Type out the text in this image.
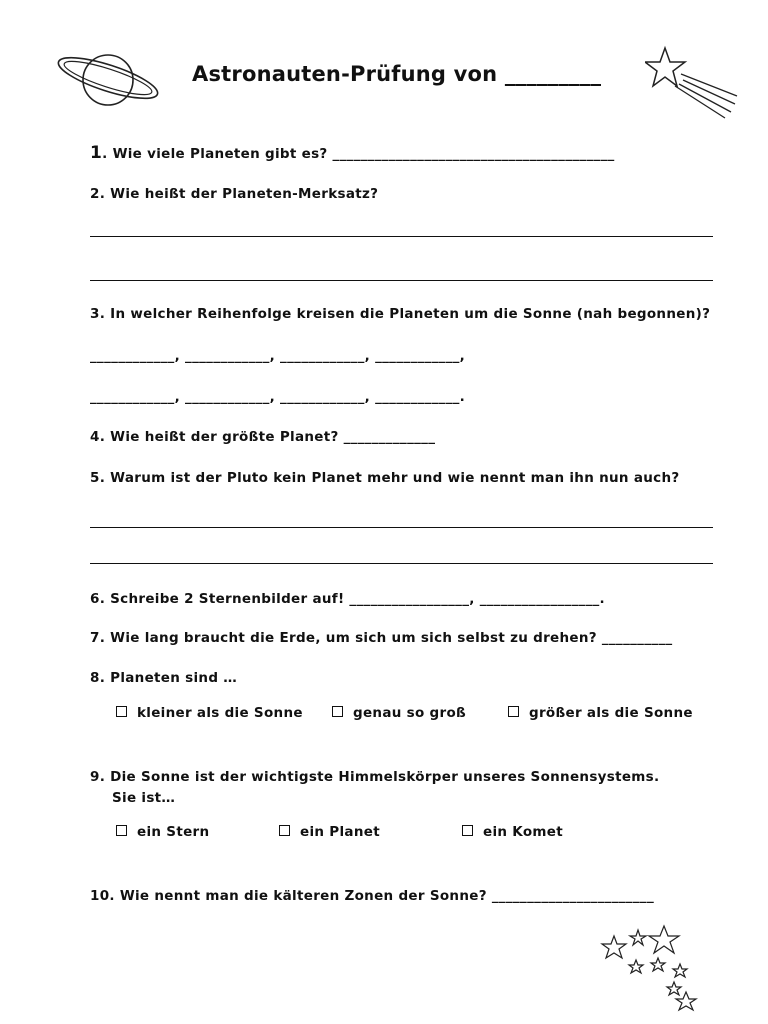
Astronauten-Prüfung von _________
1. Wie viele Planeten gibt es? ________________________________________
2. Wie heißt der Planeten-Merksatz?
3. In welcher Reihenfolge kreisen die Planeten um die Sonne (nah begonnen)?
____________, ____________, ____________, ____________,
____________, ____________, ____________, ____________.
4. Wie heißt der größte Planet? _____________
5. Warum ist der Pluto kein Planet mehr und wie nennt man ihn nun auch?
6. Schreibe 2 Sternenbilder auf! _________________, _________________.
7. Wie lang braucht die Erde, um sich um sich selbst zu drehen? __________
8. Planeten sind …
kleiner als die Sonne	genau so groß	größer als die Sonne
9. Die Sonne ist der wichtigste Himmelskörper unseres Sonnensystems.
Sie ist…
ein Stern	ein Planet	ein Komet
10. Wie nennt man die kälteren Zonen der Sonne? _______________________
